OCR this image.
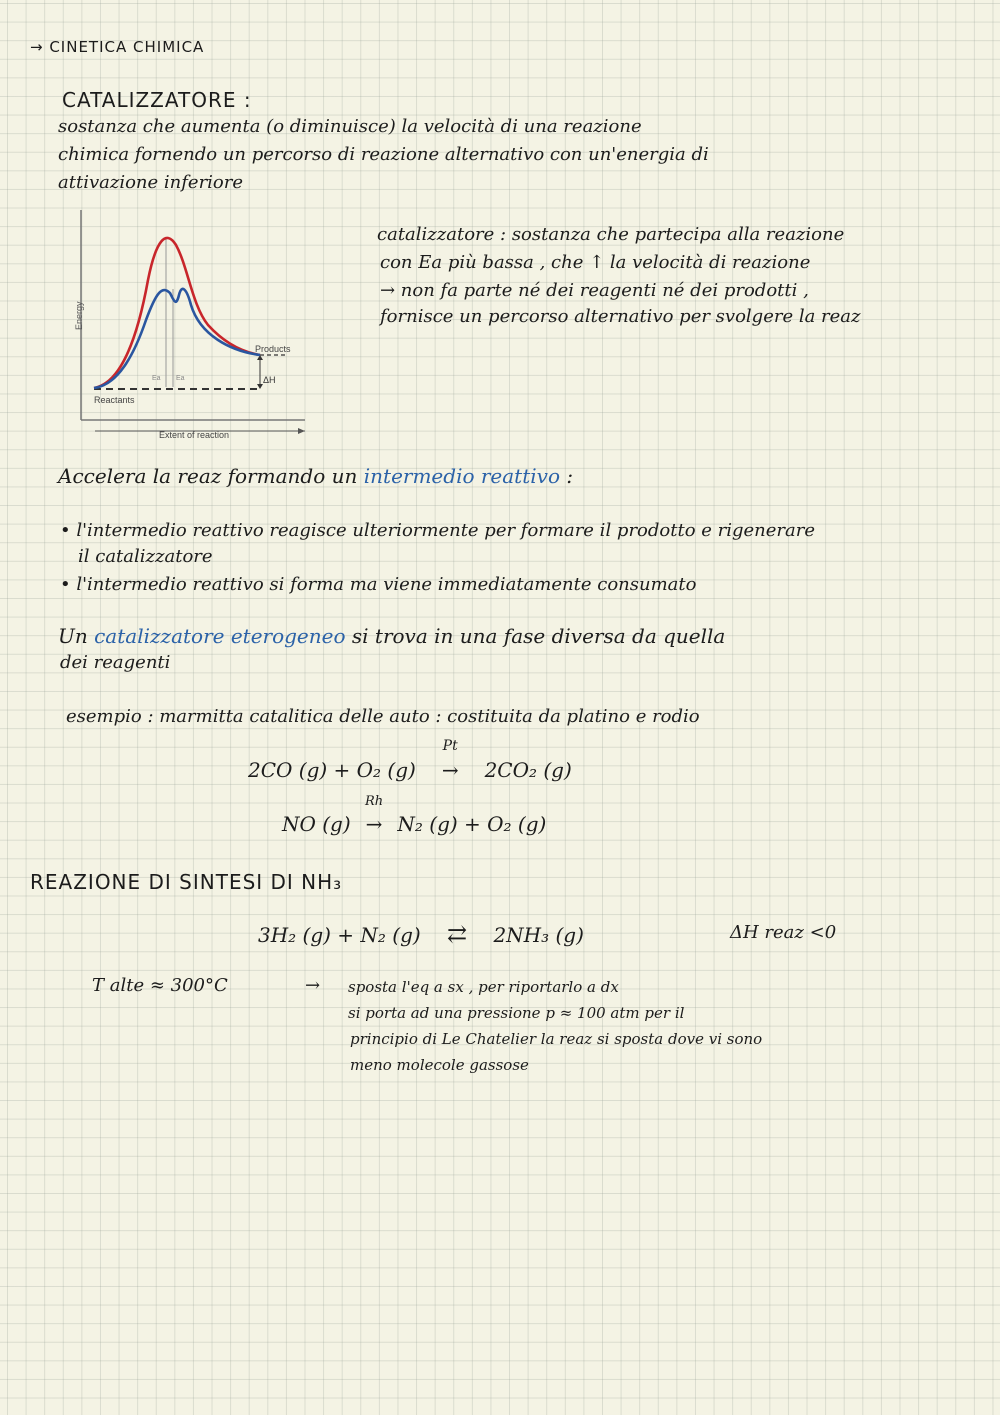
→ CINETICA CHIMICA
CATALIZZATORE :
sostanza che aumenta (o diminuisce) la velocità di una reazione
chimica fornendo un percorso di reazione alternativo con un'energia di
attivazione inferiore
Extent of reaction
Energy
ΔH
Ea Ea
Products
Reactants
catalizzatore : sostanza che partecipa alla reazione
con Ea più bassa , che ↑ la velocità di reazione
→ non fa parte né dei reagenti né dei prodotti ,
fornisce un percorso alternativo per svolgere la reaz
Accelera la reaz formando un intermedio reattivo :
• l'intermedio reattivo reagisce ulteriormente per formare il prodotto e rigenerare
il catalizzatore
• l'intermedio reattivo si forma ma viene immediatamente consumato
Un catalizzatore eterogeneo si trova in una fase diversa da quella
dei reagenti
esempio : marmitta catalitica delle auto : costituita da platino e rodio
2CO (g) + O₂ (g)
Pt
→ 2CO₂ (g)
NO (g)
Rh
→ N₂ (g) + O₂ (g)
REAZIONE DI SINTESI DI NH₃
3H₂ (g) + N₂ (g) ⇄ 2NH₃ (g)	ΔH reaz <0
T alte ≈ 300°C	→ sposta l'eq a sx , per riportarlo a dx
si porta ad una pressione p ≈ 100 atm per il
principio di Le Chatelier la reaz si sposta dove vi sono
meno molecole gassose
